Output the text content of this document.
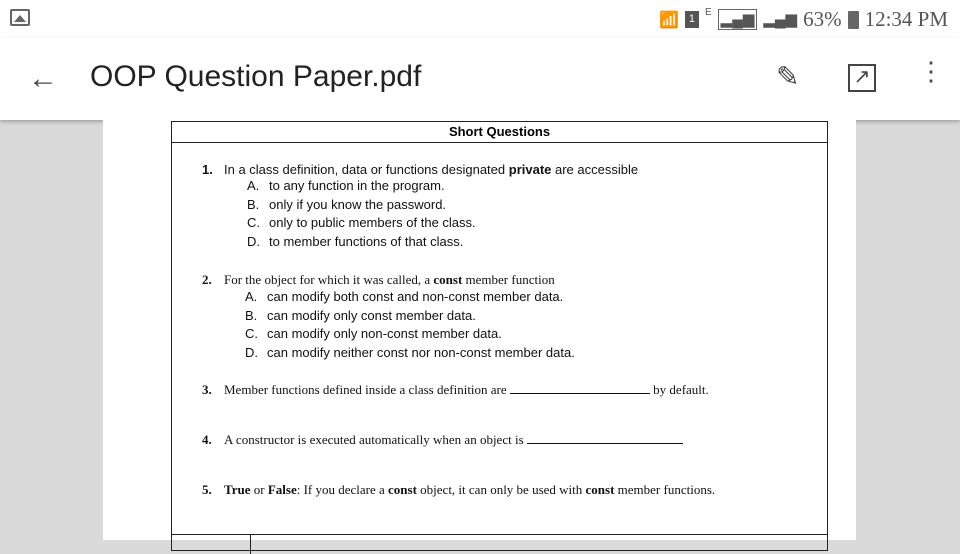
📶 1
E ▂▄▆ ▂▄▆ 63% 12:34 PM
← OOP Question Paper.pdf	✎	↗ ⋮
Short Questions
1. In a class definition, data or functions designated private are accessible
A. to any function in the program.
B. only if you know the password.
C. only to public members of the class.
D. to member functions of that class.
2. For the object for which it was called, a const member function
A. can modify both const and non-const member data.
B. can modify only const member data.
C. can modify only non-const member data.
D. can modify neither const nor non-const member data.
3. Member functions defined inside a class definition are	by default.
4. A constructor is executed automatically when an object is
5. True or False: If you declare a const object, it can only be used with const member functions.
